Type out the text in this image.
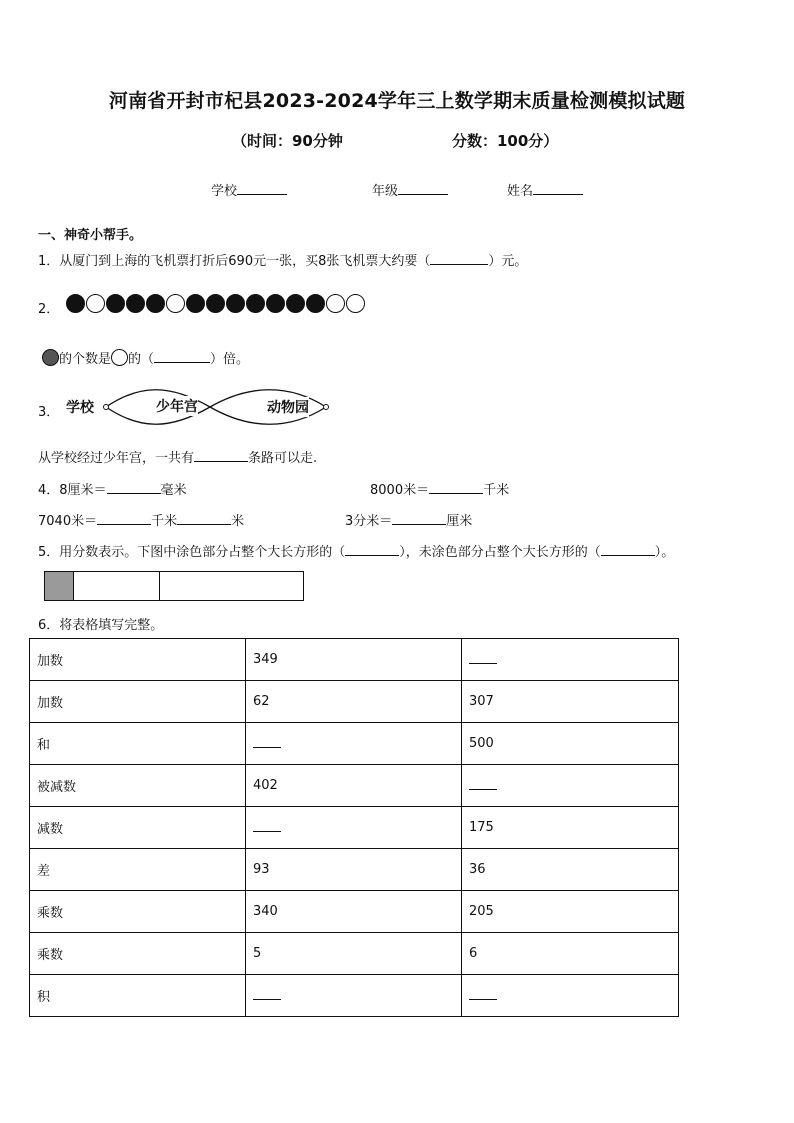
河南省开封市杞县2023-2024学年三上数学期末质量检测模拟试题
（时间：90分钟	分数：100分）
学校	年级	姓名
一、神奇小帮手。
1．从厦门到上海的飞机票打折后690元一张，买8张飞机票大约要（	）元。
2．
的个数是 的（	）倍。
3． 学校	少年宫	动物园
从学校经过少年宫，一共有	条路可以走.
4．8厘米＝	毫米	8000米＝	千米
7040米＝	千米	米	3分米＝	厘米
5．用分数表示。下图中涂色部分占整个大长方形的（	），未涂色部分占整个大长方形的（	）。
6．将表格填写完整。
加数	349	
加数	62	307
和		500
被减数	402	
减数		175
差	93	36
乘数	340	205
乘数	5	6
积		
